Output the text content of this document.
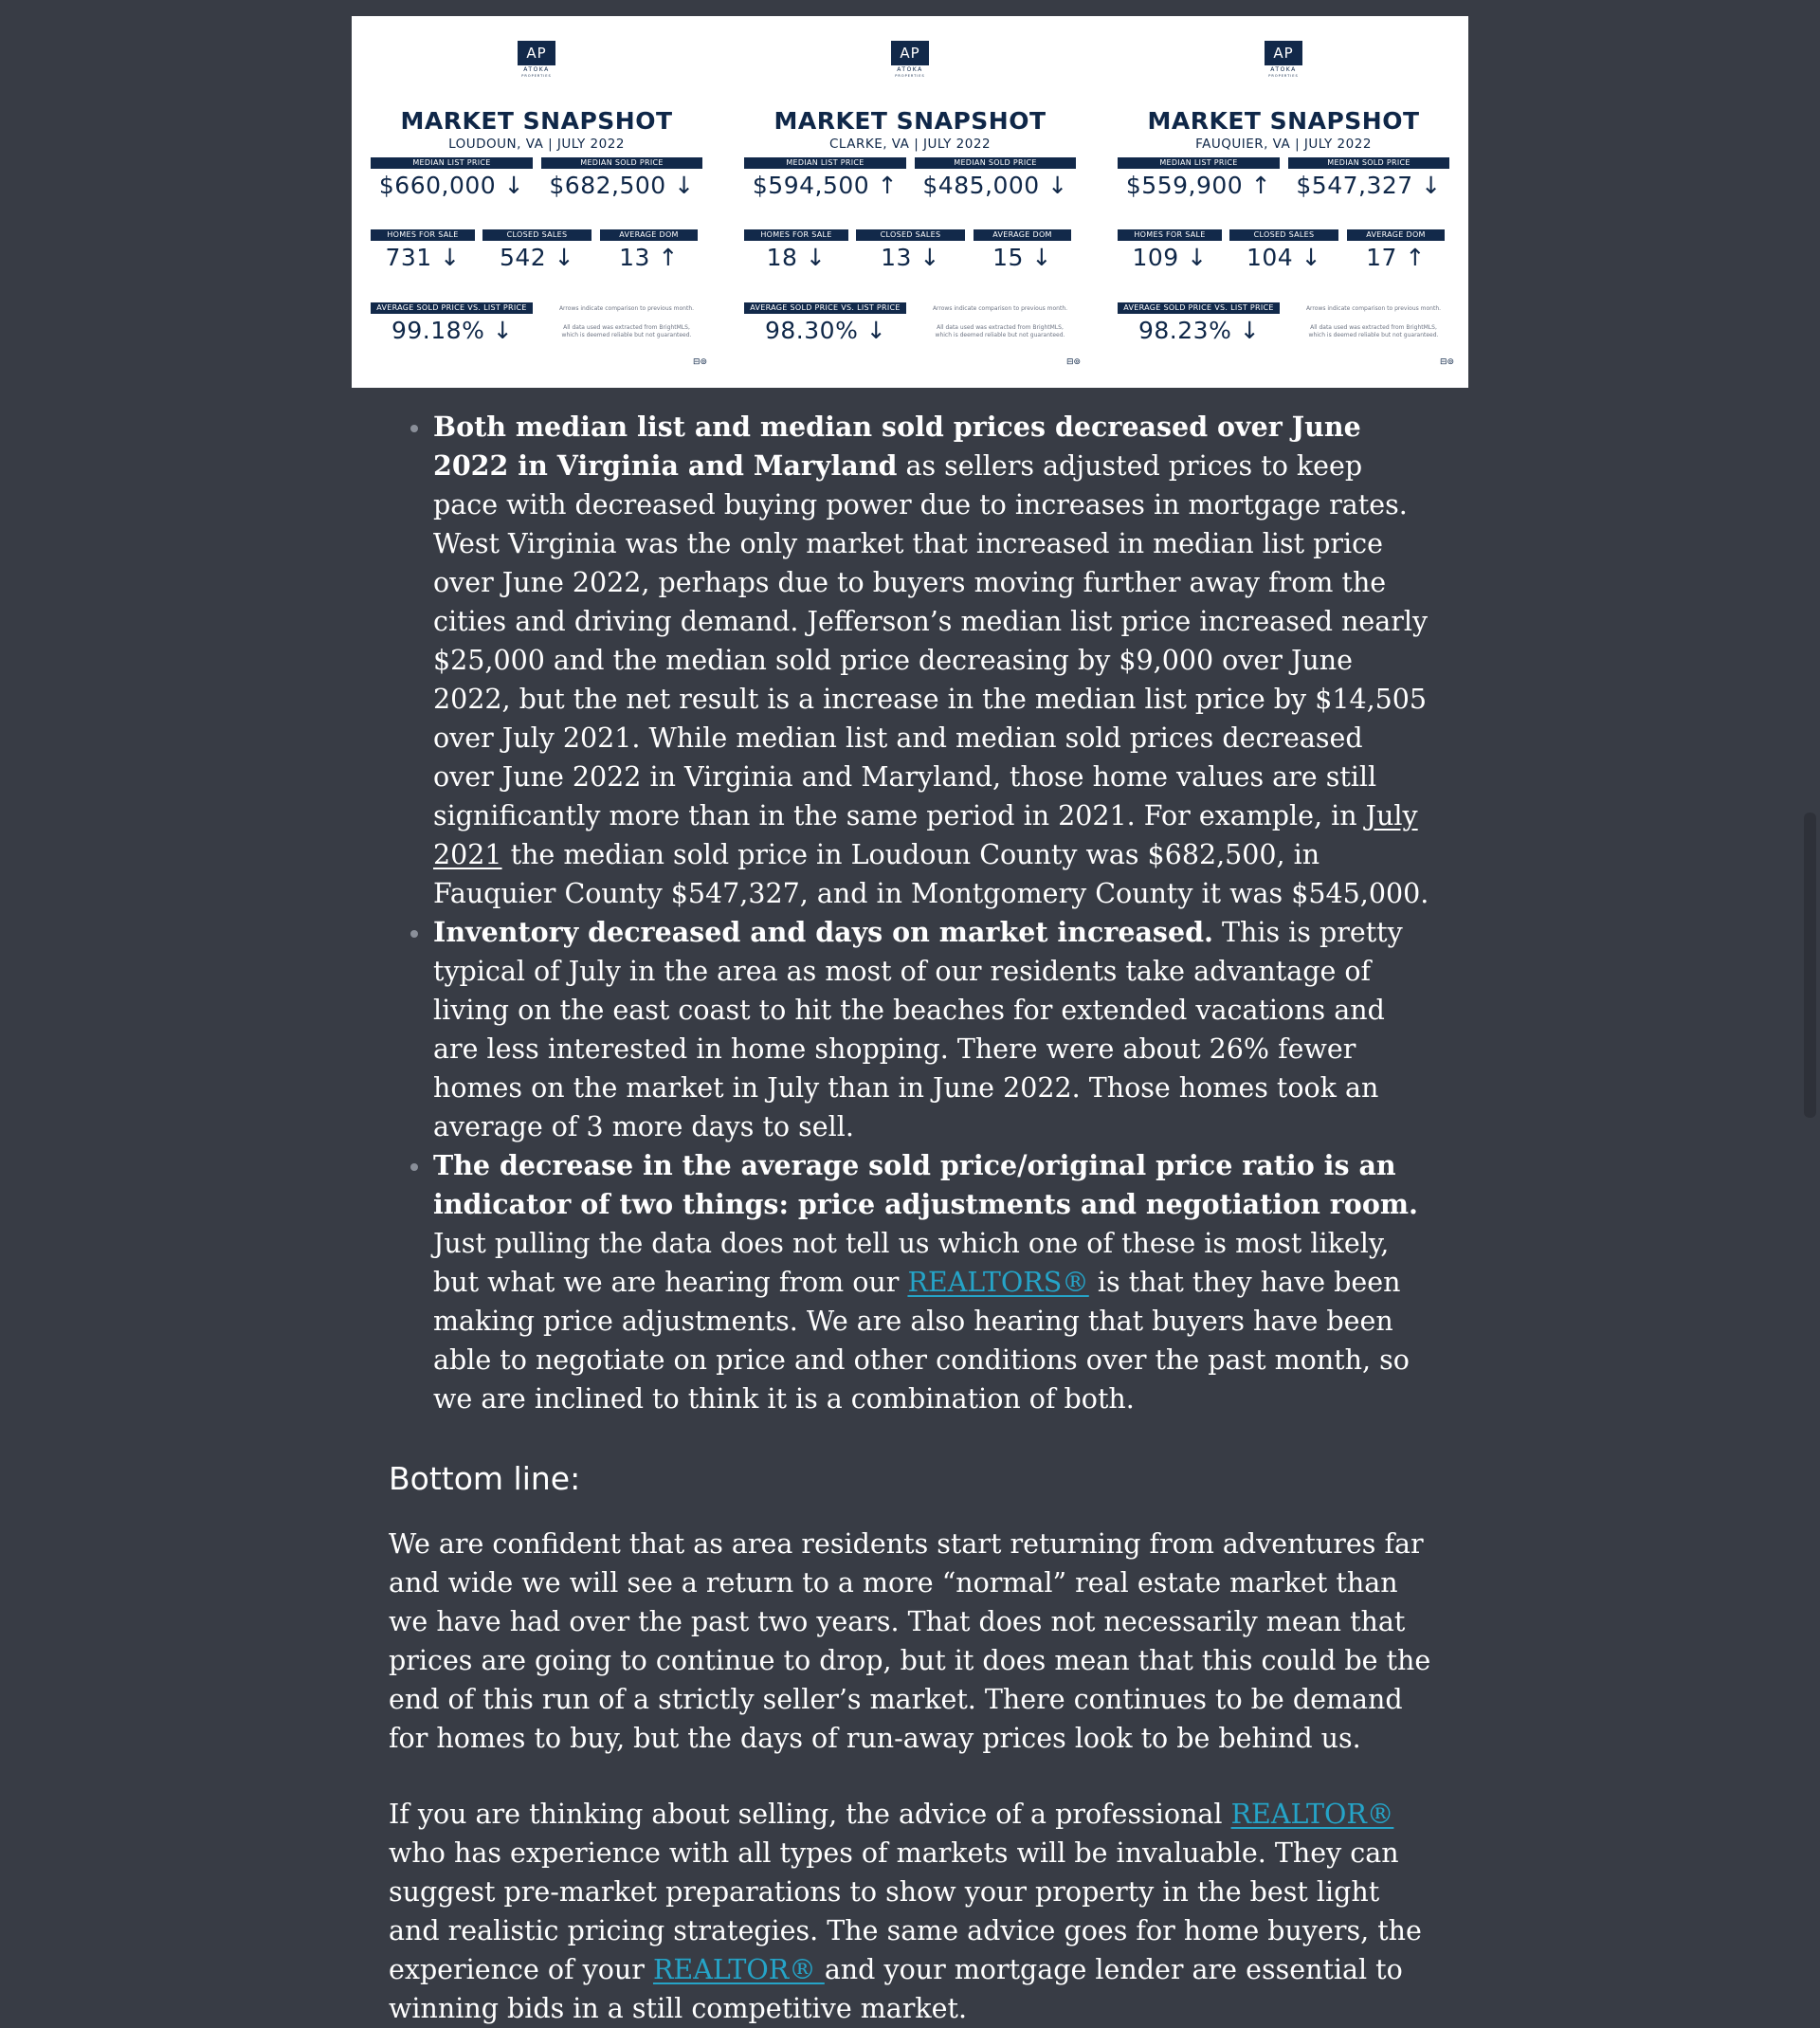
AP
ATOKA
PROPERTIES
MARKET SNAPSHOT
LOUDOUN, VA | JULY 2022
MEDIAN LIST PRICE
$660,000 ↓
MEDIAN SOLD PRICE
$682,500 ↓
HOMES FOR SALE
731 ↓
CLOSED SALES
542 ↓
AVERAGE DOM
13 ↑
AVERAGE SOLD PRICE VS. LIST PRICE
99.18% ↓
Arrows indicate comparison to previous month.
All data used was extracted from BrightMLS, which is deemed reliable but not guaranteed.
⊟⊚
AP
ATOKA
PROPERTIES
MARKET SNAPSHOT
CLARKE, VA | JULY 2022
MEDIAN LIST PRICE
$594,500 ↑
MEDIAN SOLD PRICE
$485,000 ↓
HOMES FOR SALE
18 ↓
CLOSED SALES
13 ↓
AVERAGE DOM
15 ↓
AVERAGE SOLD PRICE VS. LIST PRICE
98.30% ↓
Arrows indicate comparison to previous month.
All data used was extracted from BrightMLS, which is deemed reliable but not guaranteed.
⊟⊚
AP
ATOKA
PROPERTIES
MARKET SNAPSHOT
FAUQUIER, VA | JULY 2022
MEDIAN LIST PRICE
$559,900 ↑
MEDIAN SOLD PRICE
$547,327 ↓
HOMES FOR SALE
109 ↓
CLOSED SALES
104 ↓
AVERAGE DOM
17 ↑
AVERAGE SOLD PRICE VS. LIST PRICE
98.23% ↓
Arrows indicate comparison to previous month.
All data used was extracted from BrightMLS, which is deemed reliable but not guaranteed.
⊟⊚
Both median list and median sold prices decreased over June 2022 in Virginia and Maryland as sellers adjusted prices to keep pace with decreased buying power due to increases in mortgage rates. West Virginia was the only market that increased in median list price over June 2022, perhaps due to buyers moving further away from the cities and driving demand. Jefferson’s median list price increased nearly $25,000 and the median sold price decreasing by $9,000 over June 2022, but the net result is a increase in the median list price by $14,505 over July 2021. While median list and median sold prices decreased over June 2022 in Virginia and Maryland, those home values are still significantly more than in the same period in 2021. For example, in July 2021 the median sold price in Loudoun County was $682,500, in Fauquier County $547,327, and in Montgomery County it was $545,000.
Inventory decreased and days on market increased. This is pretty typical of July in the area as most of our residents take advantage of living on the east coast to hit the beaches for extended vacations and are less interested in home shopping. There were about 26% fewer homes on the market in July than in June 2022. Those homes took an average of 3 more days to sell.
The decrease in the average sold price/original price ratio is an indicator of two things: price adjustments and negotiation room. Just pulling the data does not tell us which one of these is most likely, but what we are hearing from our REALTORS® is that they have been making price adjustments. We are also hearing that buyers have been able to negotiate on price and other conditions over the past month, so we are inclined to think it is a combination of both.
Bottom line:

We are confident that as area residents start returning from adventures far and wide we will see a return to a more “normal” real estate market than we have had over the past two years. That does not necessarily mean that prices are going to continue to drop, but it does mean that this could be the end of this run of a strictly seller’s market. There continues to be demand for homes to buy, but the days of run-away prices look to be behind us.

If you are thinking about selling, the advice of a professional REALTOR® who has experience with all types of markets will be invaluable. They can suggest pre-market preparations to show your property in the best light and realistic pricing strategies. The same advice goes for home buyers, the experience of your REALTOR® and your mortgage lender are essential to winning bids in a still competitive market.
